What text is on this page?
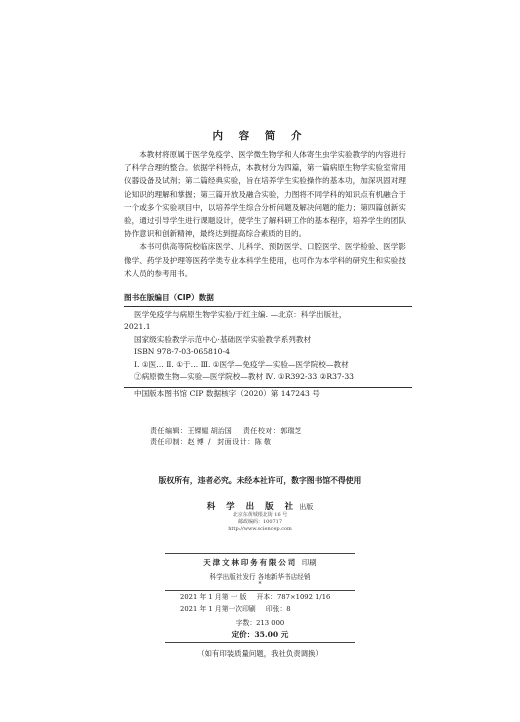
内 容 简 介

本教材将原属于医学免疫学、医学微生物学和人体寄生虫学实验教学的内容进行了科学合理的整合。依据学科特点，本教材分为四篇，第一篇病原生物学实验室常用仪器设备及试剂；第二篇经典实验，旨在培养学生实验操作的基本功，加深巩固对理论知识的理解和掌握；第三篇开放及融合实验，力图将不同学科的知识点有机融合于一个或多个实验项目中，以培养学生综合分析问题及解决问题的能力；第四篇创新实验，通过引导学生进行课题设计，使学生了解科研工作的基本程序，培养学生的团队协作意识和创新精神，最终达到提高综合素质的目的。

本书可供高等院校临床医学、儿科学、预防医学、口腔医学、医学检验、医学影像学、药学及护理等医药学类专业本科学生使用，也可作为本学科的研究生和实验技术人员的参考用书。

图书在版编目（CIP）数据
医学免疫学与病原生物学实验/于红主编. —北京：科学出版社，
2021.1
国家级实验教学示范中心·基础医学实验教学系列教材
ISBN 978-7-03-065810-4
Ⅰ. ①医… Ⅱ. ①于… Ⅲ. ①医学—免疫学—实验—医学院校—教材
②病原微生物—实验—医学院校—教材 Ⅳ. ①R392-33 ②R37-33
中国版本图书馆 CIP 数据核字（2020）第 147243 号
责任编辑：王锞韫 胡治国 责任校对：郭瑞芝
责任印制：赵 博  /   封面设计：陈 敬
版权所有，违者必究。未经本社许可，数字图书馆不得使用
科 学 出 版 社 出版
北京东黄城根北街 16 号
邮政编码：100717
http://www.sciencep.com
天津文林印务有限公司 印刷
科学出版社发行 各地新华书店经销
*
2021 年 1 月第 一 版 开本：787×1092 1/16
2021 年 1 月第一次印刷 印张：8
字数：213 000
定价：35.00 元
（如有印装质量问题，我社负责调换）
